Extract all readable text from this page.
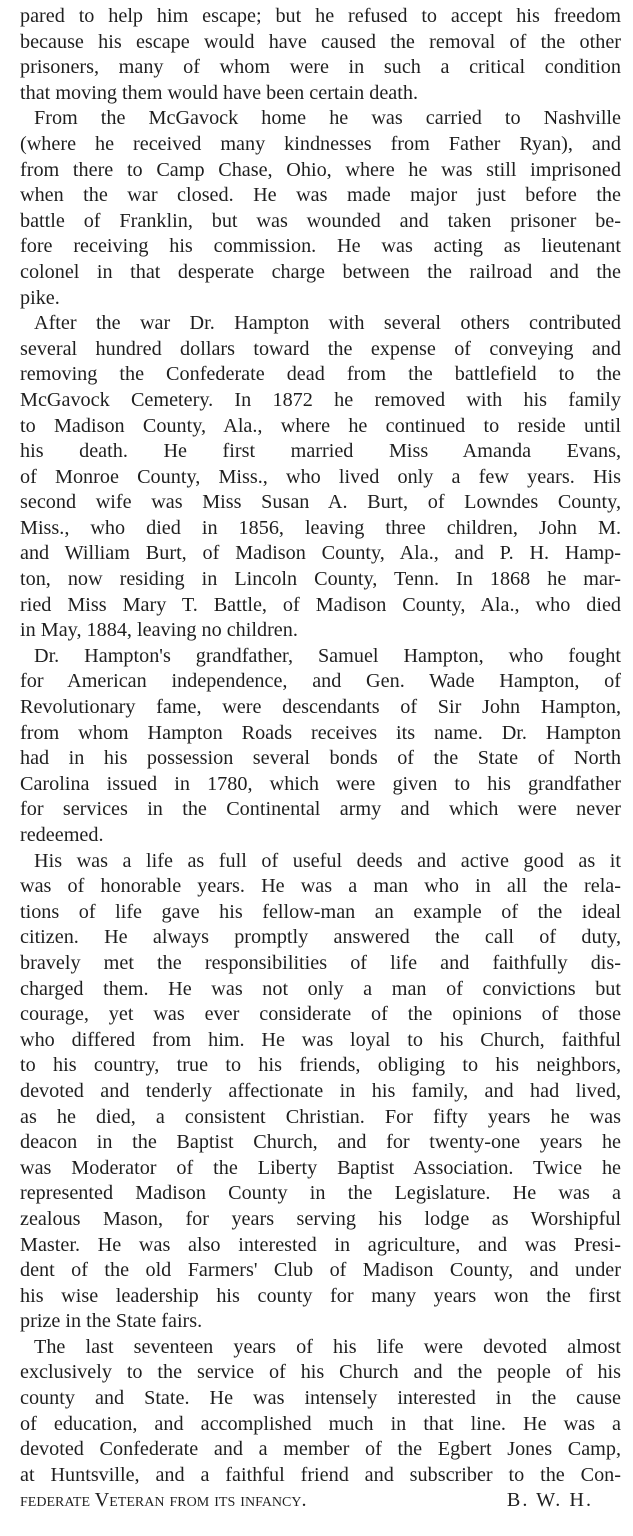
pared to help him escape; but he refused to accept his freedom
because his escape would have caused the removal of the other
prisoners, many of whom were in such a critical condition
that moving them would have been certain death.
From the McGavock home he was carried to Nashville
(where he received many kindnesses from Father Ryan), and
from there to Camp Chase, Ohio, where he was still imprisoned
when the war closed. He was made major just before the
battle of Franklin, but was wounded and taken prisoner be-
fore receiving his commission. He was acting as lieutenant
colonel in that desperate charge between the railroad and the
pike.
After the war Dr. Hampton with several others contributed
several hundred dollars toward the expense of conveying and
removing the Confederate dead from the battlefield to the
McGavock Cemetery. In 1872 he removed with his family
to Madison County, Ala., where he continued to reside until
his death. He first married Miss Amanda Evans,
of Monroe County, Miss., who lived only a few years. His
second wife was Miss Susan A. Burt, of Lowndes County,
Miss., who died in 1856, leaving three children, John M.
and William Burt, of Madison County, Ala., and P. H. Hamp-
ton, now residing in Lincoln County, Tenn. In 1868 he mar-
ried Miss Mary T. Battle, of Madison County, Ala., who died
in May, 1884, leaving no children.
Dr. Hampton's grandfather, Samuel Hampton, who fought
for American independence, and Gen. Wade Hampton, of
Revolutionary fame, were descendants of Sir John Hampton,
from whom Hampton Roads receives its name. Dr. Hampton
had in his possession several bonds of the State of North
Carolina issued in 1780, which were given to his grandfather
for services in the Continental army and which were never
redeemed.
His was a life as full of useful deeds and active good as it
was of honorable years. He was a man who in all the rela-
tions of life gave his fellow-man an example of the ideal
citizen. He always promptly answered the call of duty,
bravely met the responsibilities of life and faithfully dis-
charged them. He was not only a man of convictions but
courage, yet was ever considerate of the opinions of those
who differed from him. He was loyal to his Church, faithful
to his country, true to his friends, obliging to his neighbors,
devoted and tenderly affectionate in his family, and had lived,
as he died, a consistent Christian. For fifty years he was
deacon in the Baptist Church, and for twenty-one years he
was Moderator of the Liberty Baptist Association. Twice he
represented Madison County in the Legislature. He was a
zealous Mason, for years serving his lodge as Worshipful
Master. He was also interested in agriculture, and was Presi-
dent of the old Farmers' Club of Madison County, and under
his wise leadership his county for many years won the first
prize in the State fairs.
The last seventeen years of his life were devoted almost
exclusively to the service of his Church and the people of his
county and State. He was intensely interested in the cause
of education, and accomplished much in that line. He was a
devoted Confederate and a member of the Egbert Jones Camp,
at Huntsville, and a faithful friend and subscriber to the Con-
federate Veteran from its infancy.	B. W. H.
